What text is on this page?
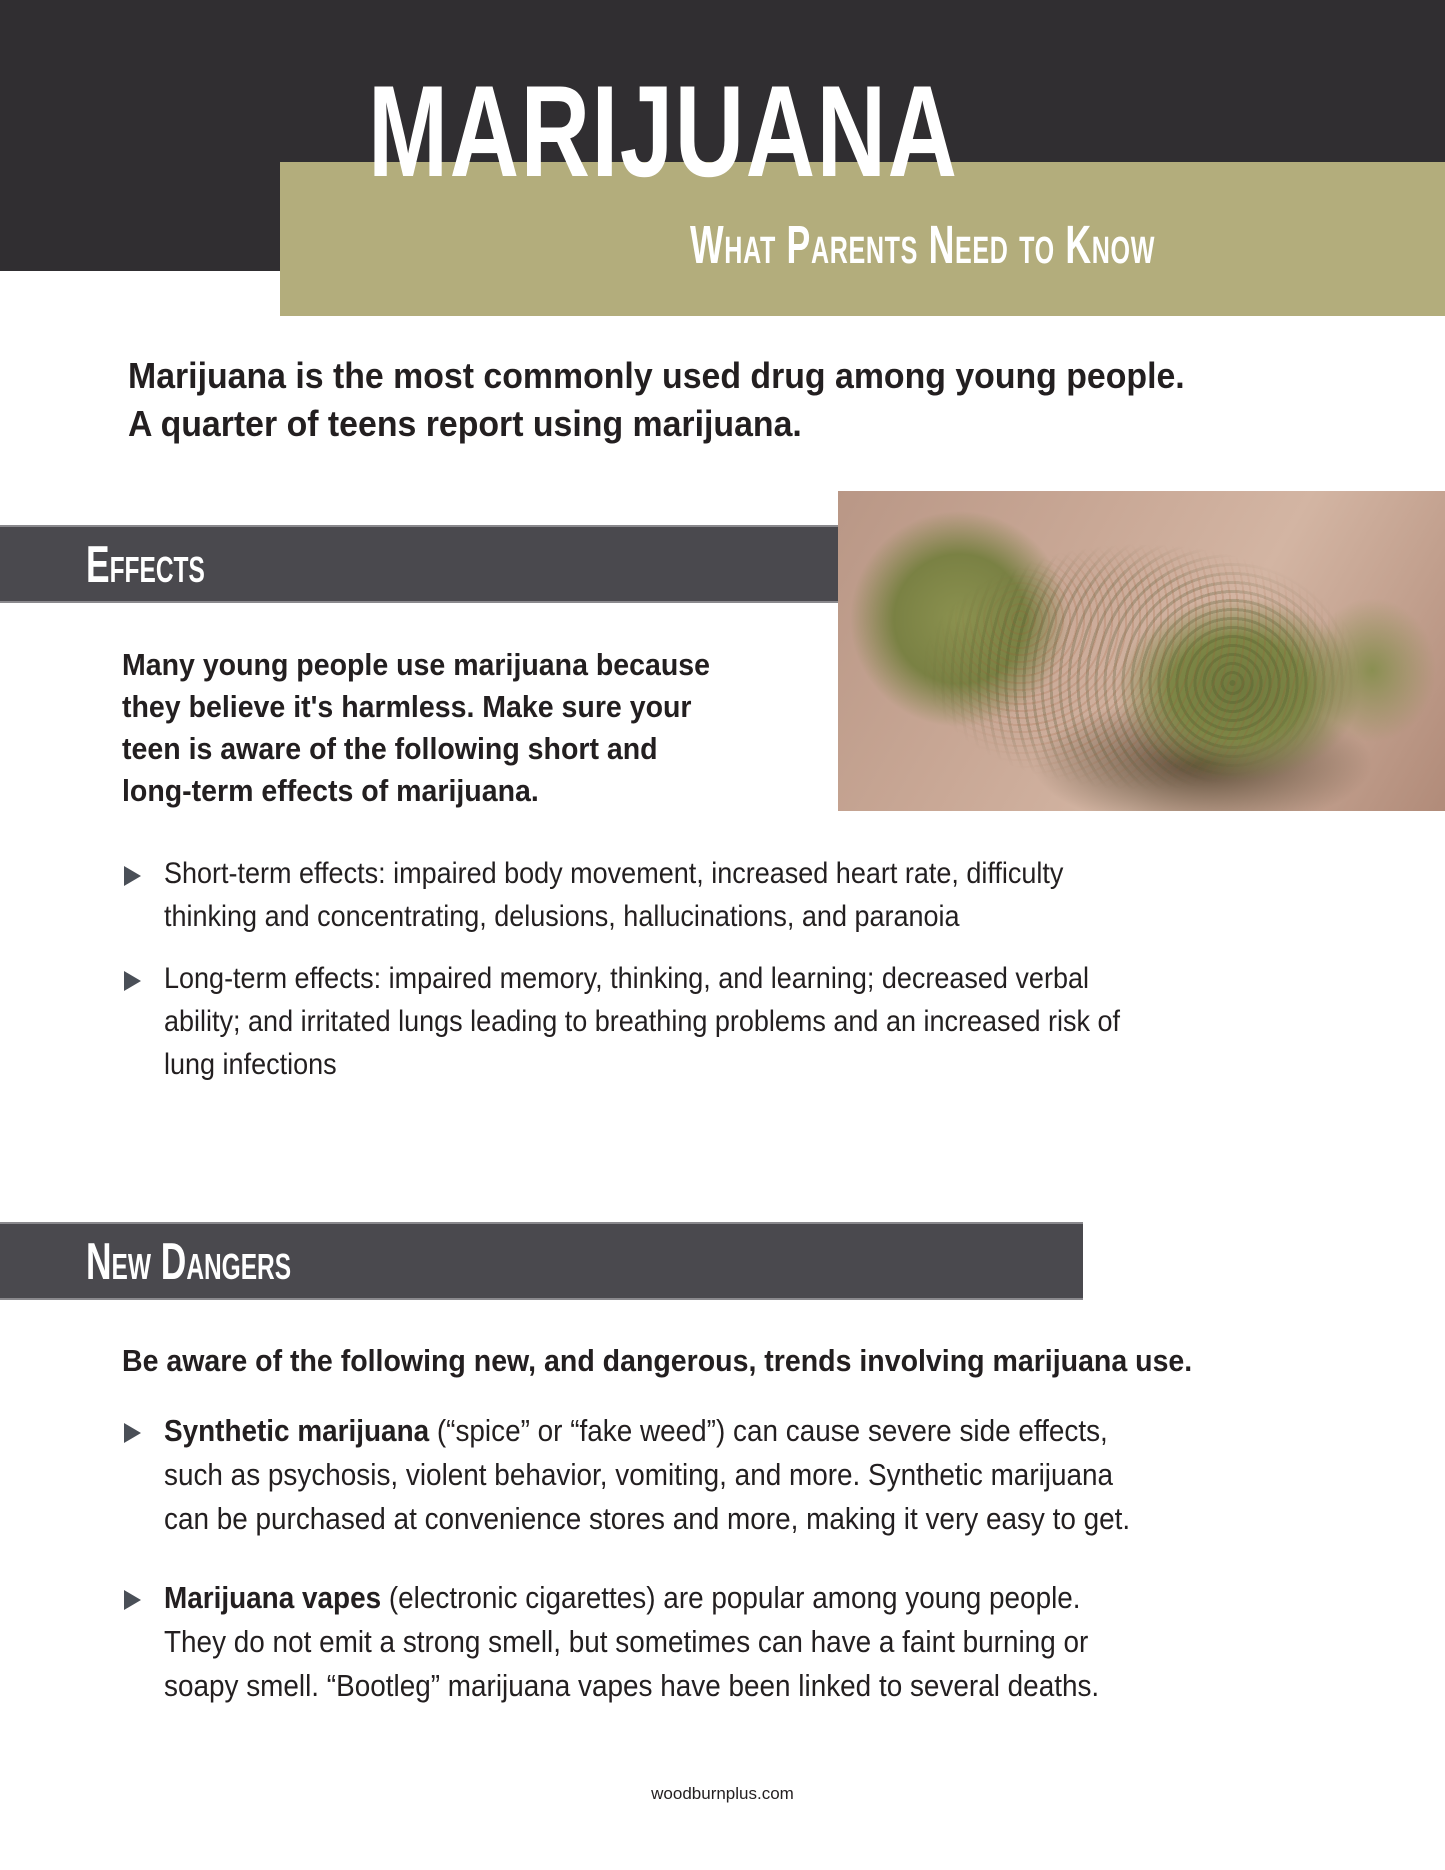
MARIJUANA
What Parents Need to Know
Marijuana is the most commonly used drug among young people.
A quarter of teens report using marijuana.
Effects
Many young people use marijuana because
they believe it's harmless. Make sure your
teen is aware of the following short and
long-term effects of marijuana.
Short-term effects: impaired body movement, increased heart rate, difficulty
thinking and concentrating, delusions, hallucinations, and paranoia
Long-term effects: impaired memory, thinking, and learning; decreased verbal
ability; and irritated lungs leading to breathing problems and an increased risk of
lung infections
New Dangers
Be aware of the following new, and dangerous, trends involving marijuana use.
Synthetic marijuana (“spice” or “fake weed”) can cause severe side effects,
such as psychosis, violent behavior, vomiting, and more. Synthetic marijuana
can be purchased at convenience stores and more, making it very easy to get.
Marijuana vapes (electronic cigarettes) are popular among young people.
They do not emit a strong smell, but sometimes can have a faint burning or
soapy smell. “Bootleg” marijuana vapes have been linked to several deaths.
woodburnplus.com
